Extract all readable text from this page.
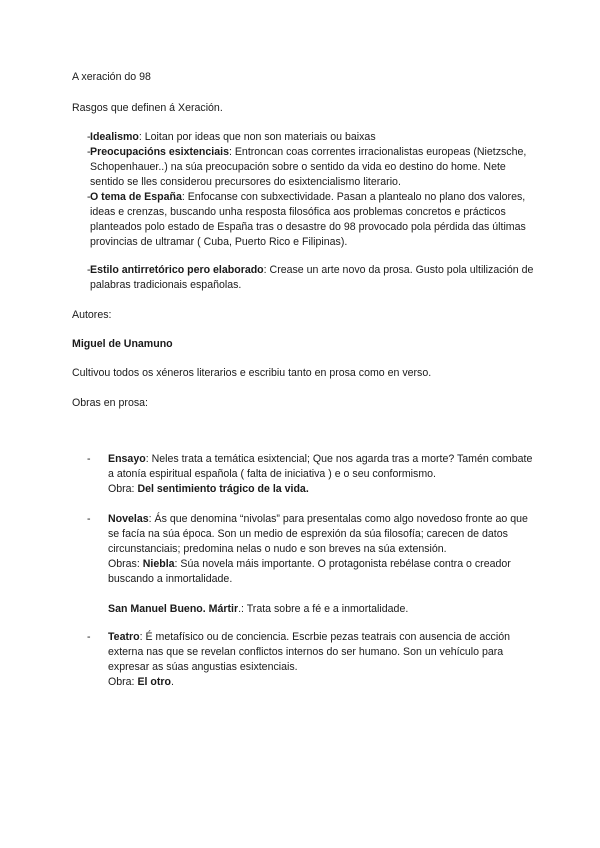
A xeración do 98
Rasgos que definen á Xeración.
- Idealismo: Loitan por ideas que non son materiais ou baixas

- Preocupacións esixtenciais: Entroncan coas correntes irracionalistas europeas (Nietzsche, Schopenhauer..) na súa preocupación sobre o sentido da vida eo destino do home. Nete sentido se lles considerou precursores do esixtencialismo literario.

- O tema de España: Enfocanse con subxectividade. Pasan a plantealo no plano dos valores, ideas e crenzas, buscando unha resposta filosófica aos problemas concretos e prácticos planteados polo estado de España tras o desastre do 98 provocado pola pérdida das últimas provincias de ultramar ( Cuba, Puerto Rico e Filipinas).

- Estilo antirretórico pero elaborado: Crease un arte novo da prosa. Gusto pola ultilización de palabras tradicionais españolas.

Autores:
Miguel de Unamuno
Cultivou todos os xéneros literarios e escribiu tanto en prosa como en verso.
Obras en prosa:
- Ensayo: Neles trata a temática esixtencial; Que nos agarda tras a morte? Tamén combate a atonía espiritual española ( falta de iniciativa ) e o seu conformismo.

Obra: Del sentimiento trágico de la vida.

- Novelas: Ás que denomina “nivolas” para presentalas como algo novedoso fronte ao que se facía na súa época. Son un medio de esprexión da súa filosofía; carecen de datos circunstanciais; predomina nelas o nudo e son breves na súa extensión.

Obras: Niebla: Súa novela máis importante. O protagonista rebélase contra o creador buscando a inmortalidade.

San Manuel Bueno. Mártir.: Trata sobre a fé e a inmortalidade.

- Teatro: É metafísico ou de conciencia. Escrbie pezas teatrais con ausencia de acción externa nas que se revelan conflictos internos do ser humano. Son un vehículo para expresar as súas angustias esixtenciais.

Obra: El otro.
